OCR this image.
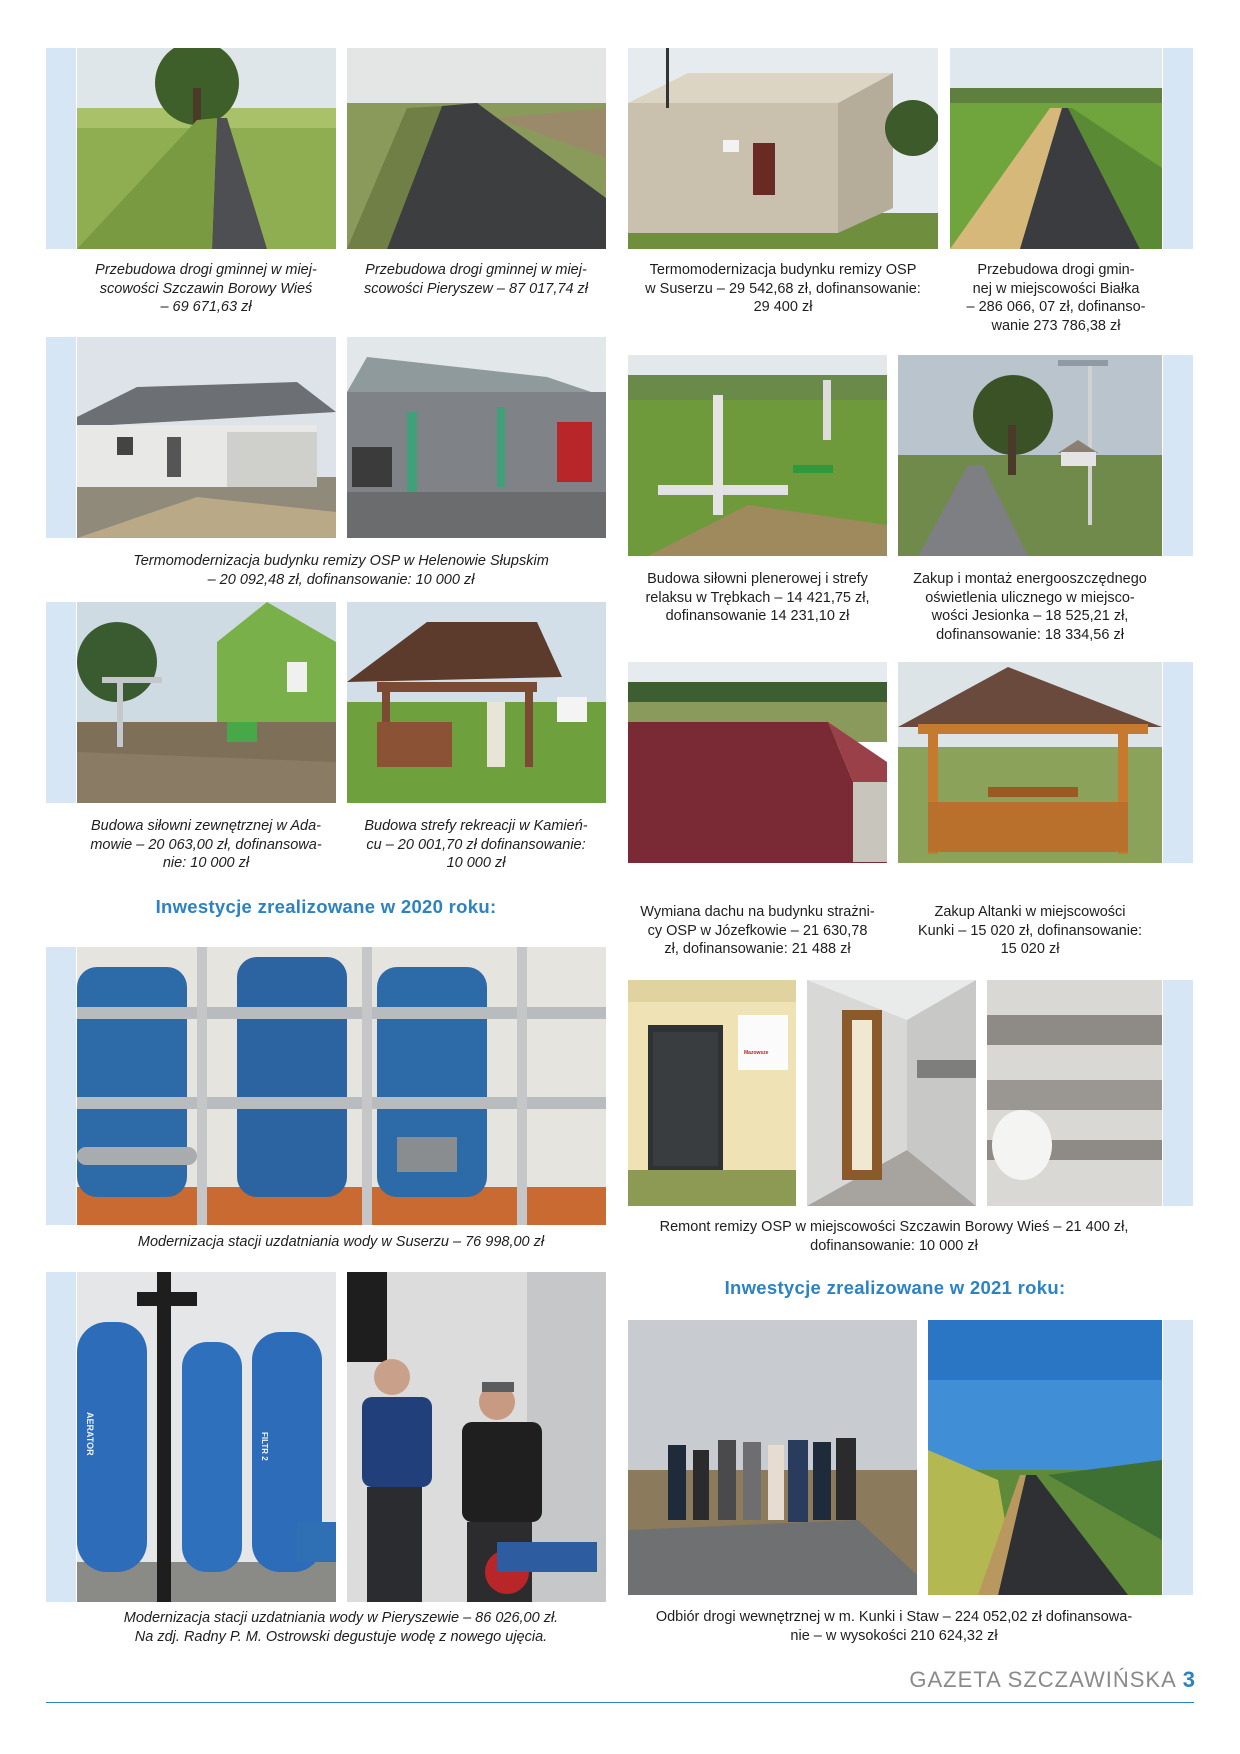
Przebudowa drogi gminnej w miej-
scowości Szczawin Borowy Wieś
– 69 671,63 zł
Przebudowa drogi gminnej w miej-
scowości Pieryszew – 87 017,74 zł
Termomodernizacja budynku remizy OSP
w Suserzu – 29 542,68 zł, dofinansowanie:
29 400 zł
Przebudowa drogi gmin-
nej w miejscowości Białka
– 286 066, 07 zł, dofinanso-
wanie 273 786,38 zł
Termomodernizacja budynku remizy OSP w Helenowie Słupskim
– 20 092,48 zł, dofinansowanie: 10 000 zł	Budowa siłowni plenerowej i strefy
relaksu w Trębkach – 14 421,75 zł,
dofinansowanie 14 231,10 zł
Zakup i montaż energooszczędnego
oświetlenia ulicznego w miejsco-
wości Jesionka – 18 525,21 zł,
dofinansowanie: 18 334,56 zł
Budowa siłowni zewnętrznej w Ada-
mowie – 20 063,00 zł, dofinansowa-
nie: 10 000 zł
Budowa strefy rekreacji w Kamień-
cu – 20 001,70 zł dofinansowanie:
10 000 zł
Wymiana dachu na budynku strażni-
cy OSP w Józefkowie – 21 630,78
zł, dofinansowanie: 21 488 zł
Zakup Altanki w miejscowości
Kunki – 15 020 zł, dofinansowanie:
15 020 zł
Inwestycje zrealizowane w 2020 roku:
Modernizacja stacji uzdatniania wody w Suserzu – 76 998,00 zł
Mazowsze
Remont remizy OSP w miejscowości Szczawin Borowy Wieś – 21 400 zł,
dofinansowanie: 10 000 zł
Inwestycje zrealizowane w 2021 roku:
AERATOR	FILTR 2
Modernizacja stacji uzdatniania wody w Pieryszewie – 86 026,00 zł.
Na zdj. Radny P. M. Ostrowski degustuje wodę z nowego ujęcia.
Odbiór drogi wewnętrznej w m. Kunki i Staw – 224 052,02 zł dofinansowa-
nie – w wysokości 210 624,32 zł
GAZETA SZCZAWIŃSKA 3
